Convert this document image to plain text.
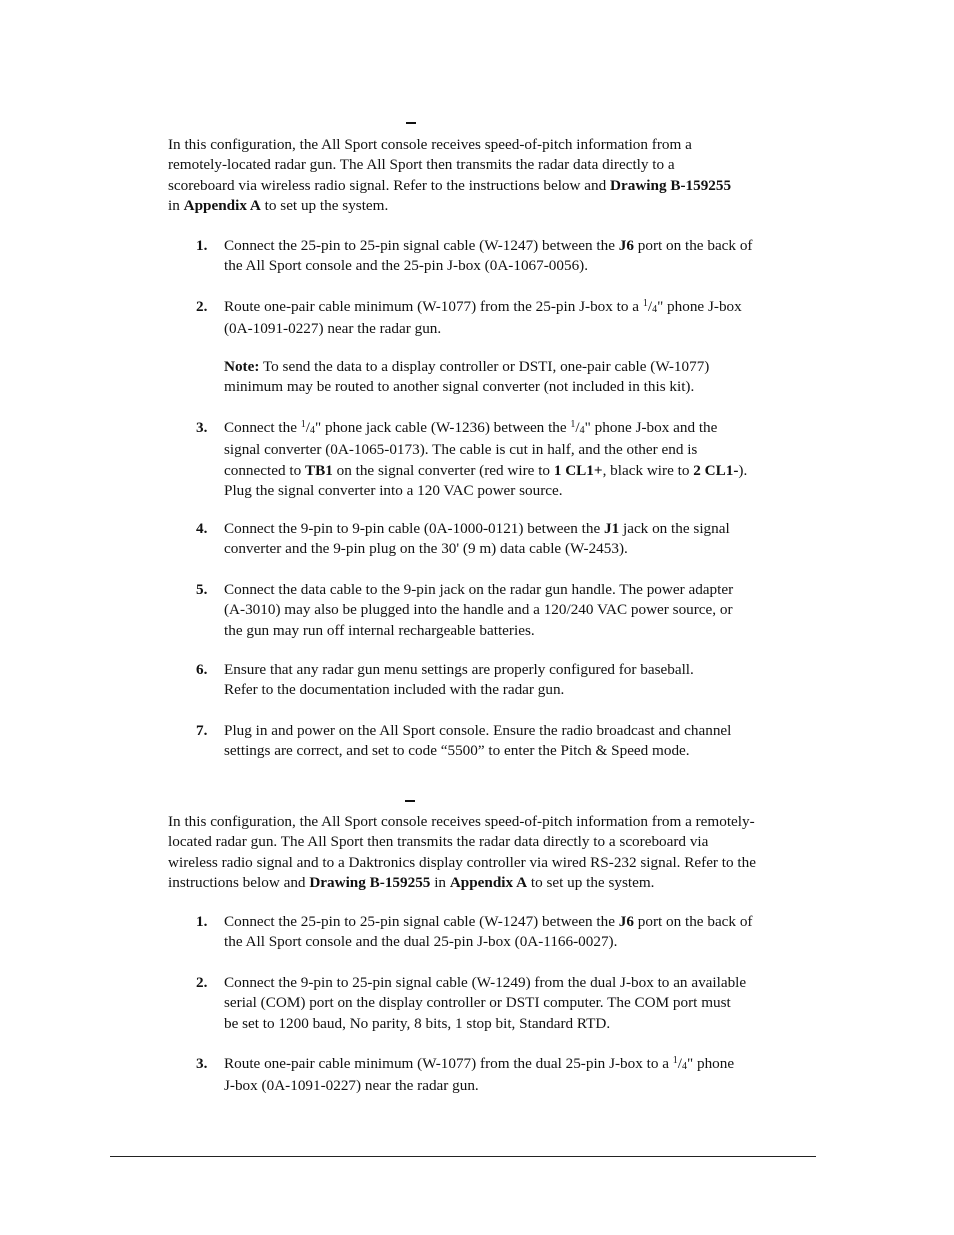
In this configuration, the All Sport console receives speed-of-pitch information from a
remotely-located radar gun. The All Sport then transmits the radar data directly to a
scoreboard via wireless radio signal. Refer to the instructions below and Drawing B-159255
in Appendix A to set up the system.

1. Connect the 25-pin to 25-pin signal cable (W-1247) between the J6 port on the back of
the All Sport console and the 25-pin J-box (0A-1067-0056).

2. Route one-pair cable minimum (W-1077) from the 25-pin J-box to a $^1$/4" phone J-box
(0A-1091-0227) near the radar gun.

Note: To send the data to a display controller or DSTI, one-pair cable (W-1077)
minimum may be routed to another signal converter (not included in this kit).

3. Connect the $^1$/4" phone jack cable (W-1236) between the $^1$/4" phone J-box and the
signal converter (0A-1065-0173). The cable is cut in half, and the other end is
connected to TB1 on the signal converter (red wire to 1 CL1+, black wire to 2 CL1-).
Plug the signal converter into a 120 VAC power source.

4. Connect the 9-pin to 9-pin cable (0A-1000-0121) between the J1 jack on the signal
converter and the 9-pin plug on the 30' (9 m) data cable (W-2453).

5. Connect the data cable to the 9-pin jack on the radar gun handle. The power adapter
(A-3010) may also be plugged into the handle and a 120/240 VAC power source, or
the gun may run off internal rechargeable batteries.

6. Ensure that any radar gun menu settings are properly configured for baseball.
Refer to the documentation included with the radar gun.

7. Plug in and power on the All Sport console. Ensure the radio broadcast and channel
settings are correct, and set to code “5500” to enter the Pitch & Speed mode.

In this configuration, the All Sport console receives speed-of-pitch information from a remotely-
located radar gun. The All Sport then transmits the radar data directly to a scoreboard via
wireless radio signal and to a Daktronics display controller via wired RS-232 signal. Refer to the
instructions below and Drawing B-159255 in Appendix A to set up the system.

1. Connect the 25-pin to 25-pin signal cable (W-1247) between the J6 port on the back of
the All Sport console and the dual 25-pin J-box (0A-1166-0027).

2. Connect the 9-pin to 25-pin signal cable (W-1249) from the dual J-box to an available
serial (COM) port on the display controller or DSTI computer. The COM port must
be set to 1200 baud, No parity, 8 bits, 1 stop bit, Standard RTD.

3. Route one-pair cable minimum (W-1077) from the dual 25-pin J-box to a $^1$/4" phone
J-box (0A-1091-0227) near the radar gun.
